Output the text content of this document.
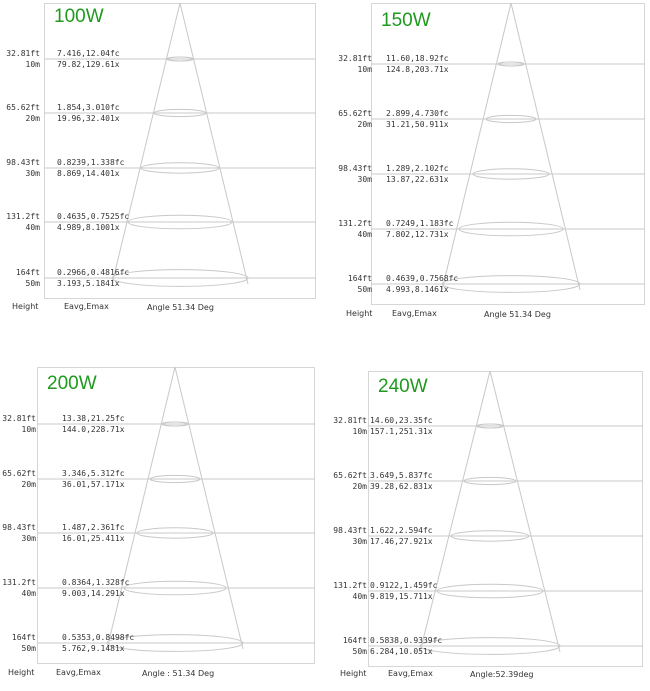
32.81ft
10m
7.416,12.04fc
79.82,129.61x
65.62ft
20m
1.854,3.010fc
19.96,32.401x
98.43ft
30m
0.8239,1.338fc
8.869,14.401x
131.2ft
40m
0.4635,0.7525fc
4.989,8.1001x
164ft
50m
0.2966,0.4816fc
3.193,5.1841x
100W
Height	Eavg,Emax	Angle 51.34 Deg
32.81ft
10m
11.60,18.92fc
124.8,203.71x
65.62ft
20m
2.899,4.730fc
31.21,50.911x
98.43ft
30m
1.289,2.102fc
13.87,22.631x
131.2ft
40m
0.7249,1.183fc
7.802,12.731x
164ft
50m
0.4639,0.7568fc
4.993,8.1461x
150W
Height Eavg,Emax	Angle 51.34 Deg
32.81ft
10m
13.38,21.25fc
144.0,228.71x
65.62ft
20m
3.346,5.312fc
36.01,57.171x
98.43ft
30m
1.487,2.361fc
16.01,25.411x
131.2ft
40m
0.8364,1.328fc
9.003,14.291x
164ft
50m
0.5353,0.8498fc
5.762,9.1481x
200W
Height	Eavg,Emax	Angle : 51.34 Deg
32.81ft
10m
14.60,23.35fc
157.1,251.31x
65.62ft
20m
3.649,5.837fc
39.28,62.831x
98.43ft
30m
1.622,2.594fc
17.46,27.921x
131.2ft
40m
0.9122,1.459fc
9.819,15.711x
164ft
50m
0.5838,0.9339fc
6.284,10.051x
240W
Height	Eavg,Emax	Angle:52.39deg
